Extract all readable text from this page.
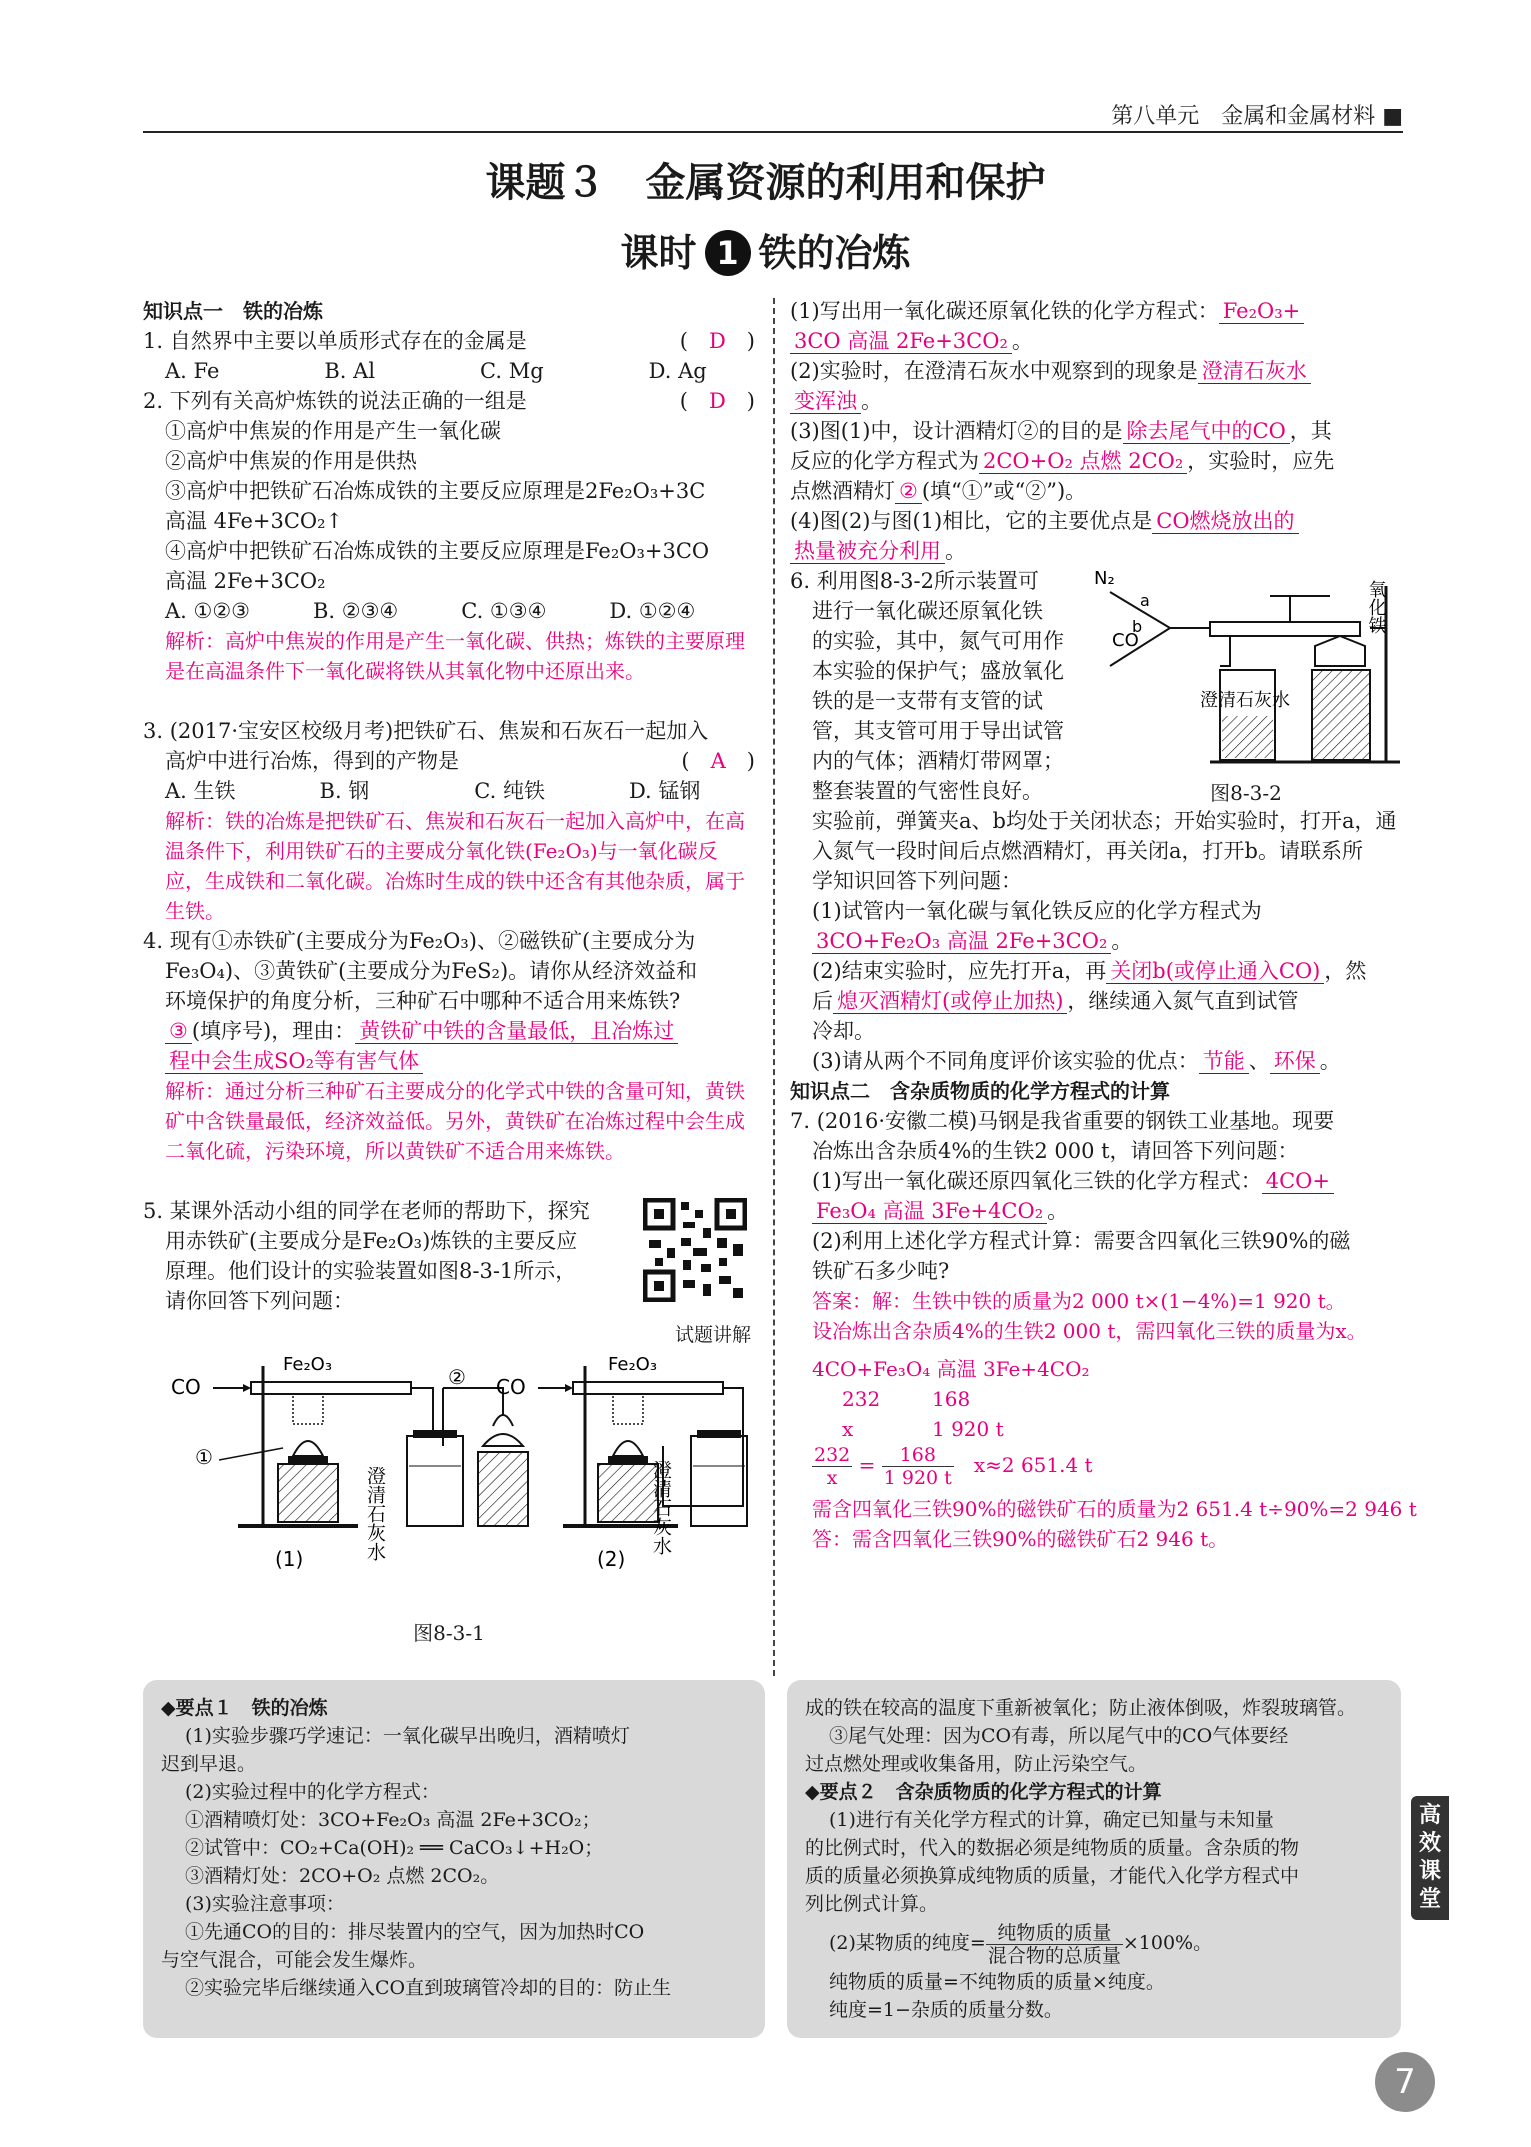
第八单元　金属和金属材料 ■
课题３　金属资源的利用和保护
课时 1 铁的冶炼
知识点一　铁的冶炼
1. 自然界中主要以单质形式存在的金属是	(　D　)
A. Fe　　　　　B. Al　　　　　C. Mg　　　　　D. Ag
2. 下列有关高炉炼铁的说法正确的一组是	(　D　)
①高炉中焦炭的作用是产生一氧化碳
②高炉中焦炭的作用是供热
③高炉中把铁矿石冶炼成铁的主要反应原理是2Fe₂O₃+3C
高温 4Fe+3CO₂↑
④高炉中把铁矿石冶炼成铁的主要反应原理是Fe₂O₃+3CO
高温 2Fe+3CO₂
A. ①②③　　　B. ②③④　　　C. ①③④　　　D. ①②④
解析：高炉中焦炭的作用是产生一氧化碳、供热；炼铁的主要原理是在高温条件下一氧化碳将铁从其氧化物中还原出来。
3. (2017·宝安区校级月考)把铁矿石、焦炭和石灰石一起加入
高炉中进行冶炼，得到的产物是	(　A　)
A. 生铁　　　　B. 钢　　　　　C. 纯铁　　　　D. 锰钢
解析：铁的冶炼是把铁矿石、焦炭和石灰石一起加入高炉中，在高温条件下，利用铁矿石的主要成分氧化铁(Fe₂O₃)与一氧化碳反应，生成铁和二氧化碳。冶炼时生成的铁中还含有其他杂质，属于生铁。
4. 现有①赤铁矿(主要成分为Fe₂O₃)、②磁铁矿(主要成分为
Fe₃O₄)、③黄铁矿(主要成分为FeS₂)。请你从经济效益和
环境保护的角度分析，三种矿石中哪种不适合用来炼铁?
③ (填序号)，理由： 黄铁矿中铁的含量最低，且冶炼过
程中会生成SO₂等有害气体
解析：通过分析三种矿石主要成分的化学式中铁的含量可知，黄铁矿中含铁量最低，经济效益低。另外，黄铁矿在冶炼过程中会生成二氧化硫，污染环境，所以黄铁矿不适合用来炼铁。
5. 某课外活动小组的同学在老师的帮助下，探究
用赤铁矿(主要成分是Fe₂O₃)炼铁的主要反应
原理。他们设计的实验装置如图8-3-1所示，
请你回答下列问题：
试题讲解
CO
Fe₂O₃
①
②
澄清石灰水
(1)
CO
Fe₂O₃
澄清石灰水
(2)
图8-3-1
(1)写出用一氧化碳还原氧化铁的化学方程式： Fe₂O₃+
3CO 高温 2Fe+3CO₂ 。
(2)实验时，在澄清石灰水中观察到的现象是 澄清石灰水
变浑浊 。
(3)图(1)中，设计酒精灯②的目的是 除去尾气中的CO ，其
反应的化学方程式为 2CO+O₂ 点燃 2CO₂ ，实验时，应先
点燃酒精灯 ② (填“①”或“②”)。
(4)图(2)与图(1)相比，它的主要优点是 CO燃烧放出的
热量被充分利用 。
6. 利用图8-3-2所示装置可
进行一氧化碳还原氧化铁
的实验，其中，氮气可用作
本实验的保护气；盛放氧化
铁的是一支带有支管的试
管，其支管可用于导出试管
内的气体；酒精灯带网罩；
整套装置的气密性良好。
N₂
a
CO
b
澄清石灰水
氧化铁
图8-3-2
实验前，弹簧夹a、b均处于关闭状态；开始实验时，打开a，通
入氮气一段时间后点燃酒精灯，再关闭a，打开b。请联系所
学知识回答下列问题：
(1)试管内一氧化碳与氧化铁反应的化学方程式为
3CO+Fe₂O₃ 高温 2Fe+3CO₂ 。
(2)结束实验时，应先打开a，再 关闭b(或停止通入CO) ，然
后 熄灭酒精灯(或停止加热) ，继续通入氮气直到试管
冷却。
(3)请从两个不同角度评价该实验的优点： 节能 、 环保 。
知识点二　含杂质物质的化学方程式的计算
7. (2016·安徽二模)马钢是我省重要的钢铁工业基地。现要
冶炼出含杂质4%的生铁2 000 t，请回答下列问题：
(1)写出一氧化碳还原四氧化三铁的化学方程式： 4CO+
Fe₃O₄ 高温 3Fe+4CO₂ 。
(2)利用上述化学方程式计算：需要含四氧化三铁90%的磁
铁矿石多少吨?
答案：解：生铁中铁的质量为2 000 t×(1−4%)=1 920 t。
设冶炼出含杂质4%的生铁2 000 t，需四氧化三铁的质量为x。
4CO+Fe₃O₄ 高温 3Fe+4CO₂
232	168
x	1 920 t
$\frac{232}{x} = \frac{168}{1 920 t}$
　 x≈2 651.4 t
需含四氧化三铁90%的磁铁矿石的质量为2 651.4 t÷90%=2 946 t
答：需含四氧化三铁90%的磁铁矿石2 946 t。
◆要点１　铁的冶炼
(1)实验步骤巧学速记：一氧化碳早出晚归，酒精喷灯
迟到早退。
(2)实验过程中的化学方程式：
①酒精喷灯处：3CO+Fe₂O₃ 高温 2Fe+3CO₂；
②试管中：CO₂+Ca(OH)₂ ══ CaCO₃↓+H₂O；
③酒精灯处：2CO+O₂ 点燃 2CO₂。
(3)实验注意事项：
①先通CO的目的：排尽装置内的空气，因为加热时CO
与空气混合，可能会发生爆炸。
②实验完毕后继续通入CO直到玻璃管冷却的目的：防止生
成的铁在较高的温度下重新被氧化；防止液体倒吸，炸裂玻璃管。
③尾气处理：因为CO有毒，所以尾气中的CO气体要经
过点燃处理或收集备用，防止污染空气。
◆要点２　含杂质物质的化学方程式的计算
(1)进行有关化学方程式的计算，确定已知量与未知量
的比例式时，代入的数据必须是纯物质的质量。含杂质的物
质的质量必须换算成纯物质的质量，才能代入化学方程式中
列比例式计算。
(2)某物质的纯度= $\frac{\text{纯物质的质量}}{\text{混合物的总质量}} \times 100\%$。
纯物质的质量=不纯物质的质量×纯度。
纯度=1−杂质的质量分数。
高效课堂
7
